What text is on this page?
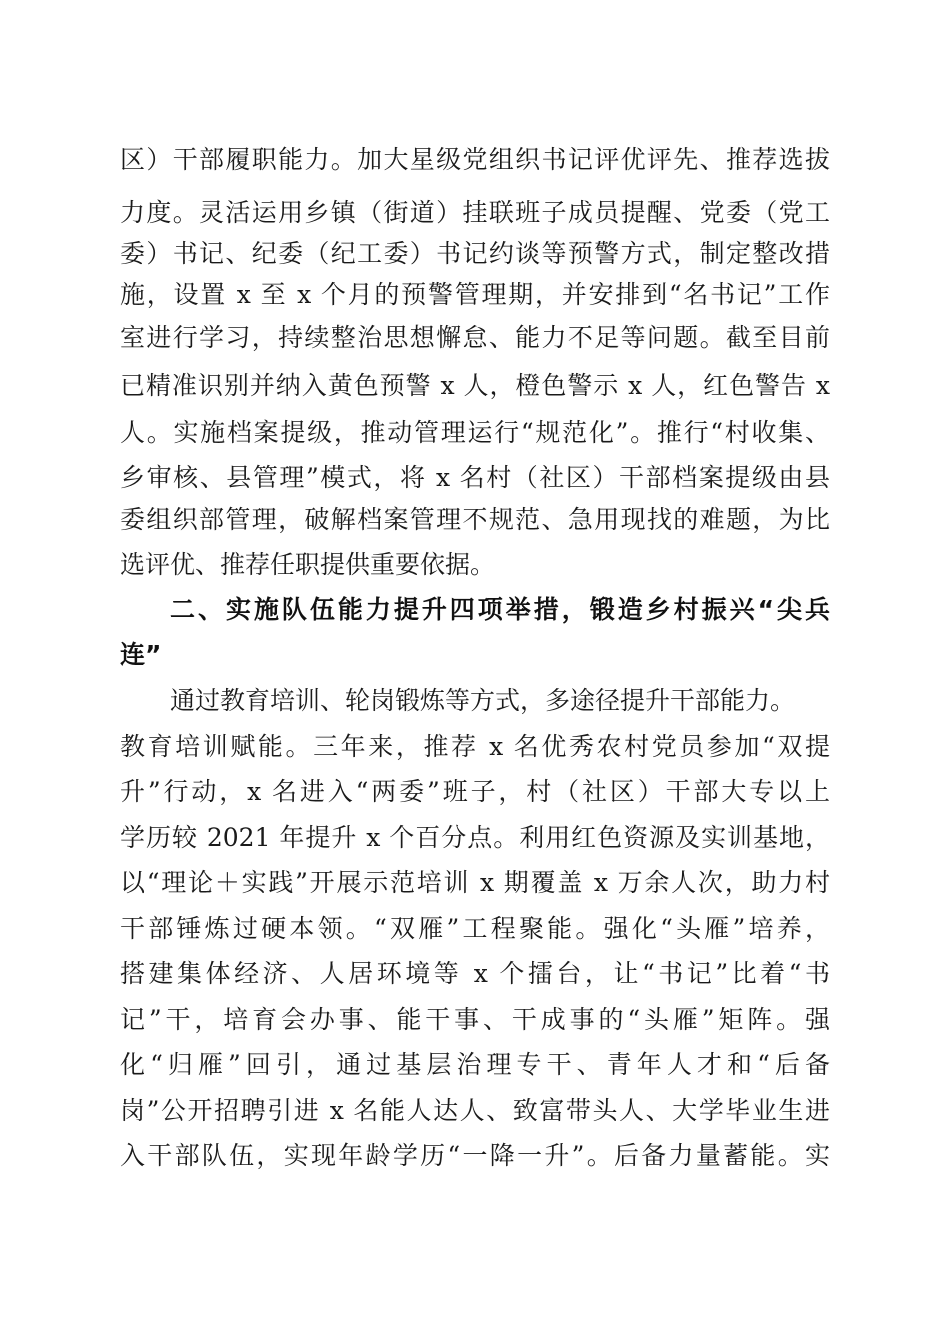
区）干部履职能力。加大星级党组织书记评优评先、推荐选拔
力度。灵活运用乡镇（街道）挂联班子成员提醒、党委（党工
委）书记、纪委（纪工委）书记约谈等预警方式，制定整改措
施，设置 x 至 x 个月的预警管理期，并安排到“名书记”工作
室进行学习，持续整治思想懈怠、能力不足等问题。截至目前
已精准识别并纳入黄色预警 x 人，橙色警示 x 人，红色警告 x
人。实施档案提级，推动管理运行“规范化”。推行“村收集、
乡审核、县管理”模式，将 x 名村（社区）干部档案提级由县
委组织部管理，破解档案管理不规范、急用现找的难题，为比
选评优、推荐任职提供重要依据。
二、实施队伍能力提升四项举措，锻造乡村振兴“尖兵
连”
通过教育培训、轮岗锻炼等方式，多途径提升干部能力。
教育培训赋能。三年来，推荐 x 名优秀农村党员参加“双提
升”行动，x 名进入“两委”班子，村（社区）干部大专以上
学历较 2021 年提升 x 个百分点。利用红色资源及实训基地，
以“理论＋实践”开展示范培训 x 期覆盖 x 万余人次，助力村
干部锤炼过硬本领。“双雁”工程聚能。强化“头雁”培养，
搭建集体经济、人居环境等 x 个擂台，让“书记”比着“书
记”干，培育会办事、能干事、干成事的“头雁”矩阵。强
化“归雁”回引，通过基层治理专干、青年人才和“后备
岗”公开招聘引进 x 名能人达人、致富带头人、大学毕业生进
入干部队伍，实现年龄学历“一降一升”。后备力量蓄能。实
